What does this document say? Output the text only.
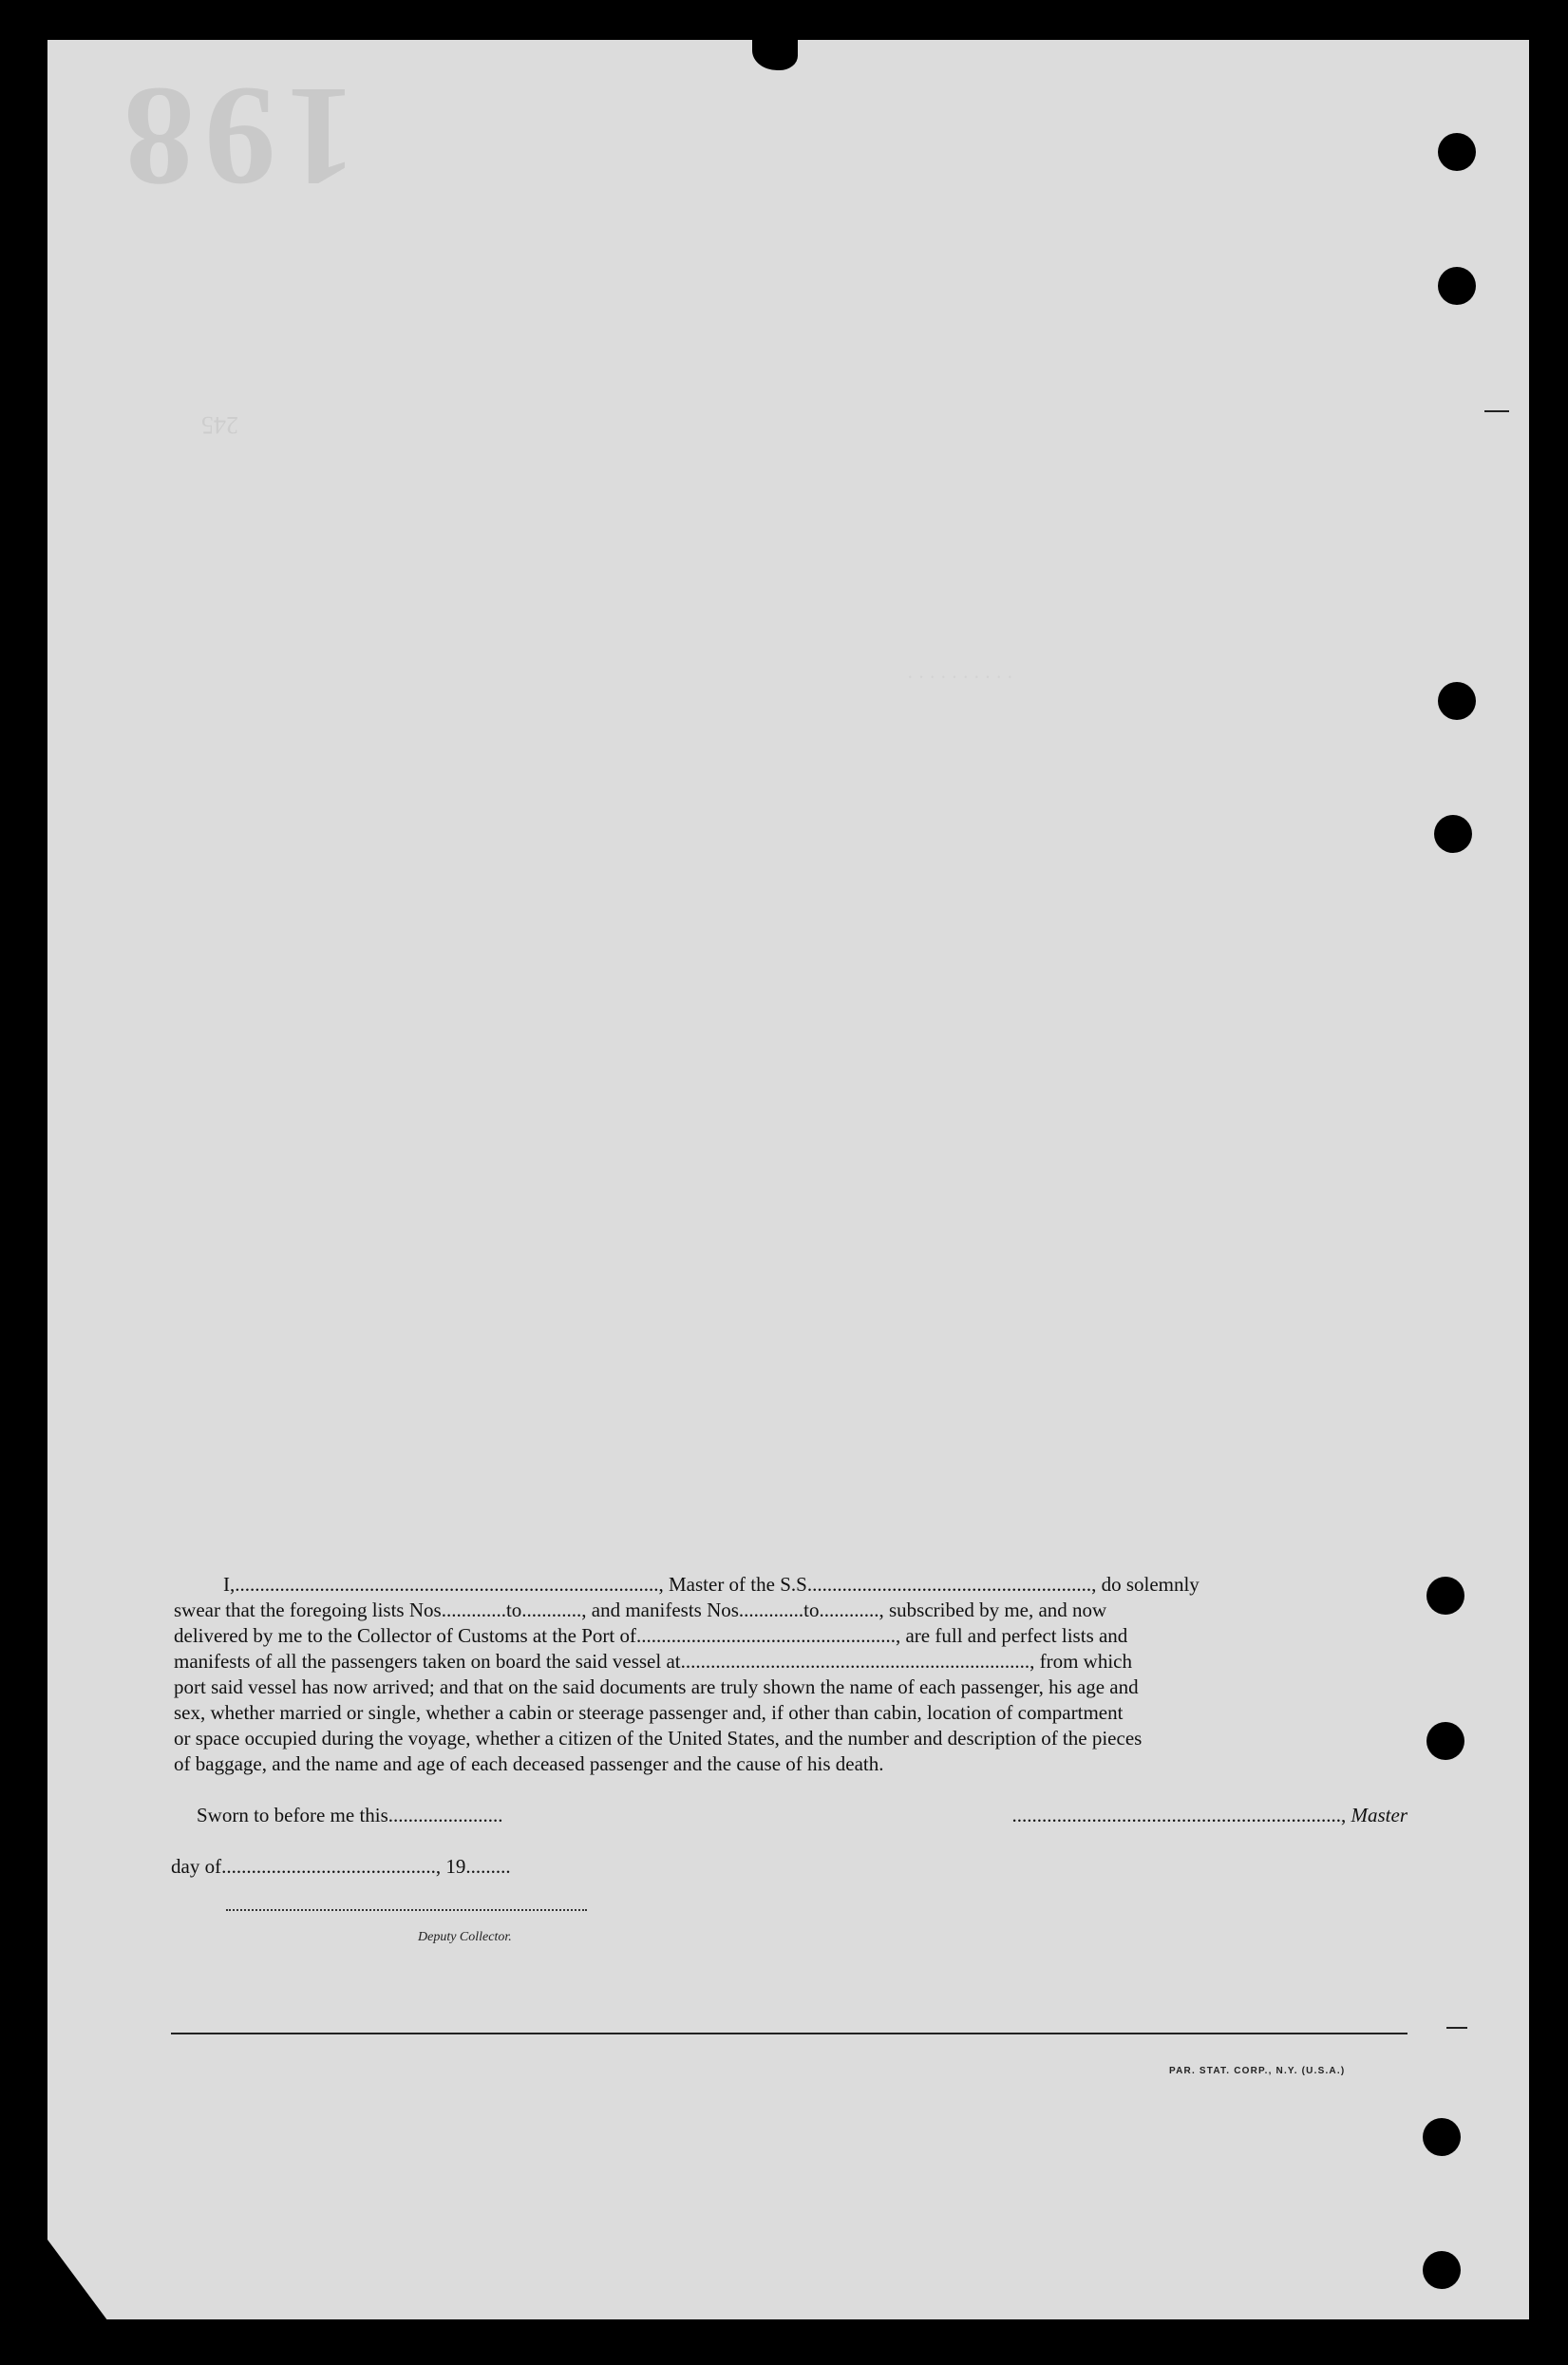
198
245
· · · · · · · · · ·
I,....................................................................................., Master of the S.S........................................................., do solemnly
swear that the foregoing lists Nos.............to............, and manifests Nos.............to............, subscribed by me, and now
delivered by me to the Collector of Customs at the Port of...................................................., are full and perfect lists and
manifests of all the passengers taken on board the said vessel at......................................................................, from which
port said vessel has now arrived; and that on the said documents are truly shown the name of each passenger, his age and
sex, whether married or single, whether a cabin or steerage passenger and, if other than cabin, location of compartment
or space occupied during the voyage, whether a citizen of the United States, and the number and description of the pieces
of baggage, and the name and age of each deceased passenger and the cause of his death.
Sworn to before me this.......................	.................................................................., Master
day of..........................................., 19.........
Deputy Collector.
PAR. STAT. CORP., N.Y. (U.S.A.)
